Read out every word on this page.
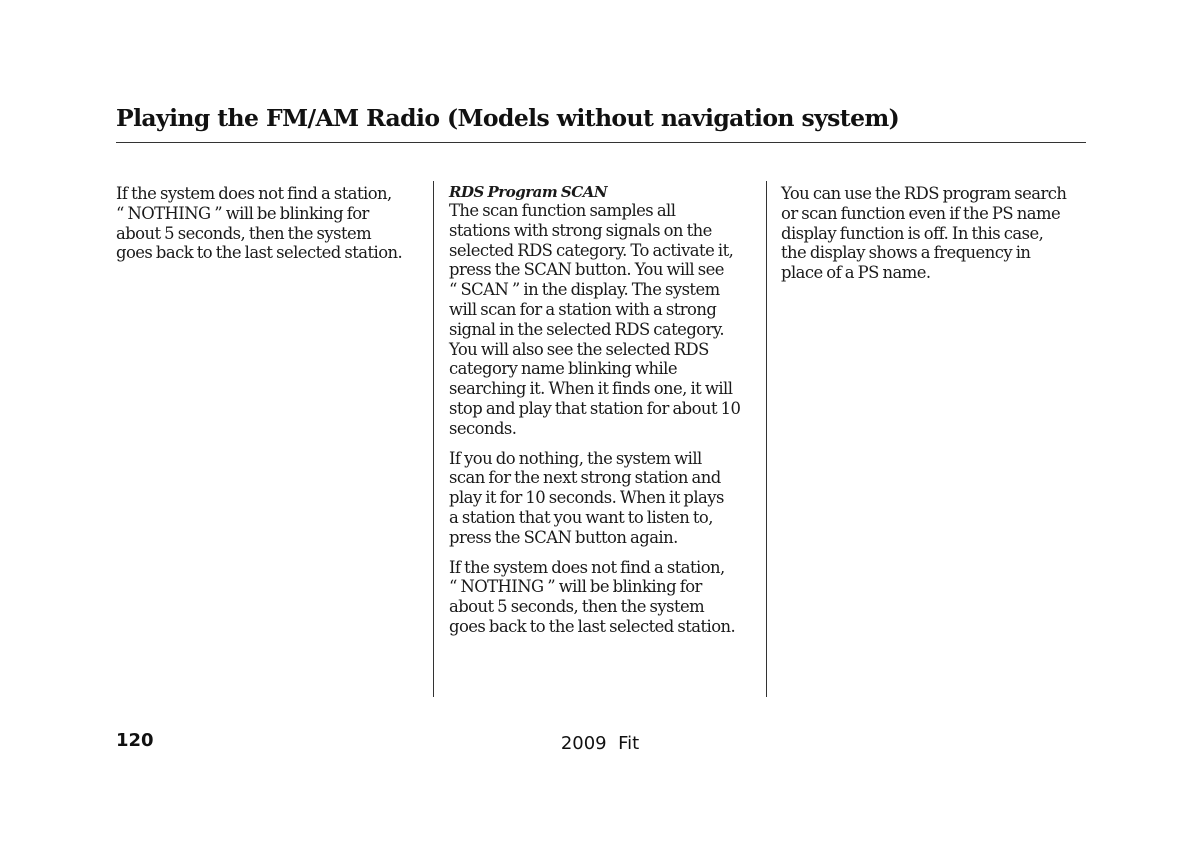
Playing the FM/AM Radio (Models without navigation system)

If the system does not find a station,
“ NOTHING ” will be blinking for
about 5 seconds, then the system
goes back to the last selected station.

RDS Program SCAN

The scan function samples all
stations with strong signals on the
selected RDS category. To activate it,
press the SCAN button. You will see
“ SCAN ” in the display. The system
will scan for a station with a strong
signal in the selected RDS category.
You will also see the selected RDS
category name blinking while
searching it. When it finds one, it will
stop and play that station for about 10
seconds.

If you do nothing, the system will
scan for the next strong station and
play it for 10 seconds. When it plays
a station that you want to listen to,
press the SCAN button again.

If the system does not find a station,
“ NOTHING ” will be blinking for
about 5 seconds, then the system
goes back to the last selected station.

You can use the RDS program search
or scan function even if the PS name
display function is off. In this case,
the display shows a frequency in
place of a PS name.

120	2009  Fit
